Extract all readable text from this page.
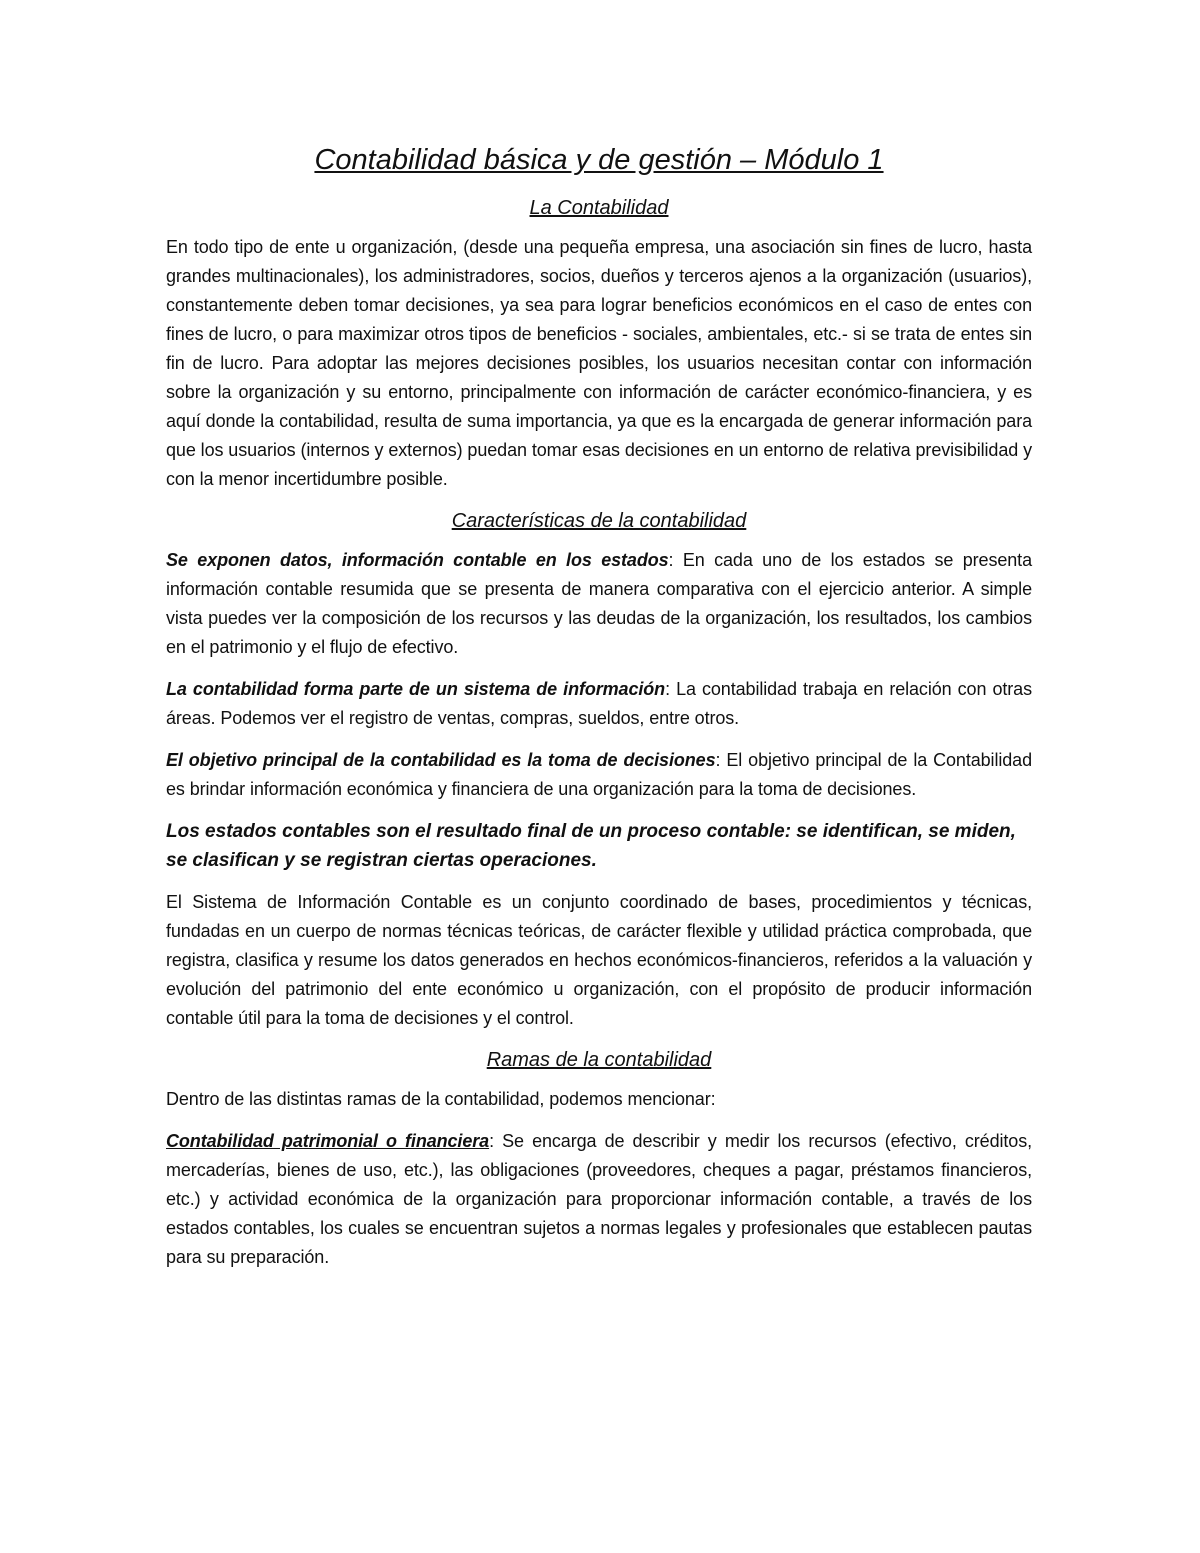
Contabilidad básica y de gestión – Módulo 1
La Contabilidad

En todo tipo de ente u organización, (desde una pequeña empresa, una asociación sin fines de lucro, hasta grandes multinacionales), los administradores, socios, dueños y terceros ajenos a la organización (usuarios), constantemente deben tomar decisiones, ya sea para lograr beneficios económicos en el caso de entes con fines de lucro, o para maximizar otros tipos de beneficios - sociales, ambientales, etc.- si se trata de entes sin fin de lucro. Para adoptar las mejores decisiones posibles, los usuarios necesitan contar con información sobre la organización y su entorno, principalmente con información de carácter económico-financiera, y es aquí donde la contabilidad, resulta de suma importancia, ya que es la encargada de generar información para que los usuarios (internos y externos) puedan tomar esas decisiones en un entorno de relativa previsibilidad y con la menor incertidumbre posible.

Características de la contabilidad

Se exponen datos, información contable en los estados: En cada uno de los estados se presenta información contable resumida que se presenta de manera comparativa con el ejercicio anterior. A simple vista puedes ver la composición de los recursos y las deudas de la organización, los resultados, los cambios en el patrimonio y el flujo de efectivo.

La contabilidad forma parte de un sistema de información: La contabilidad trabaja en relación con otras áreas. Podemos ver el registro de ventas, compras, sueldos, entre otros.

El objetivo principal de la contabilidad es la toma de decisiones: El objetivo principal de la Contabilidad es brindar información económica y financiera de una organización para la toma de decisiones.

Los estados contables son el resultado final de un proceso contable: se identifican, se miden, se clasifican y se registran ciertas operaciones.

El Sistema de Información Contable es un conjunto coordinado de bases, procedimientos y técnicas, fundadas en un cuerpo de normas técnicas teóricas, de carácter flexible y utilidad práctica comprobada, que registra, clasifica y resume los datos generados en hechos económicos-financieros, referidos a la valuación y evolución del patrimonio del ente económico u organización, con el propósito de producir información contable útil para la toma de decisiones y el control.

Ramas de la contabilidad

Dentro de las distintas ramas de la contabilidad, podemos mencionar:

Contabilidad patrimonial o financiera: Se encarga de describir y medir los recursos (efectivo, créditos, mercaderías, bienes de uso, etc.), las obligaciones (proveedores, cheques a pagar, préstamos financieros, etc.) y actividad económica de la organización para proporcionar información contable, a través de los estados contables, los cuales se encuentran sujetos a normas legales y profesionales que establecen pautas para su preparación.
